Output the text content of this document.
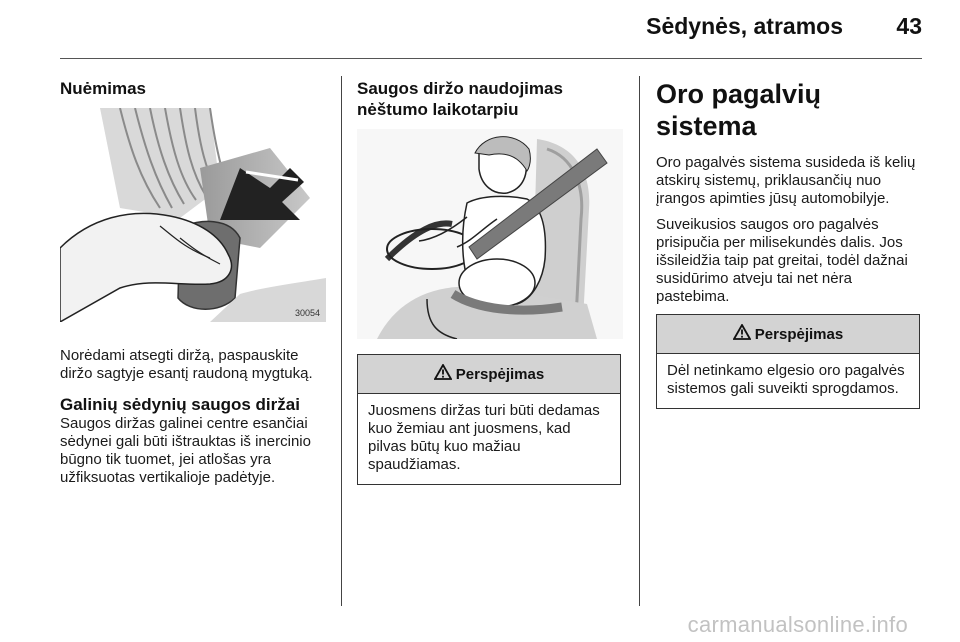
Sėdynės, atramos 43
Nuėmimas
30054

Norėdami atsegti diržą, paspauskite diržo sagtyje esantį raudoną mygtuką.

Galinių sėdynių saugos diržai

Saugos diržas galinei centre esančiai sėdynei gali būti ištrauktas iš inercinio būgno tik tuomet, jei atlošas yra užfiksuotas vertikalioje padėtyje.

Saugos diržo naudojimas nėštumo laikotarpiu
Perspėjimas
Juosmens diržas turi būti dedamas kuo žemiau ant juosmens, kad pilvas būtų kuo mažiau spaudžiamas.
Oro pagalvių sistema

Oro pagalvės sistema susideda iš kelių atskirų sistemų, priklausančių nuo įrangos apimties jūsų automobilyje.

Suveikusios saugos oro pagalvės prisipučia per milisekundės dalis. Jos išsileidžia taip pat greitai, todėl dažnai susidūrimo atveju tai net nėra pastebima.

Perspėjimas
Dėl netinkamo elgesio oro pagalvės sistemos gali suveikti sprogdamos.
carmanualsonline.info
